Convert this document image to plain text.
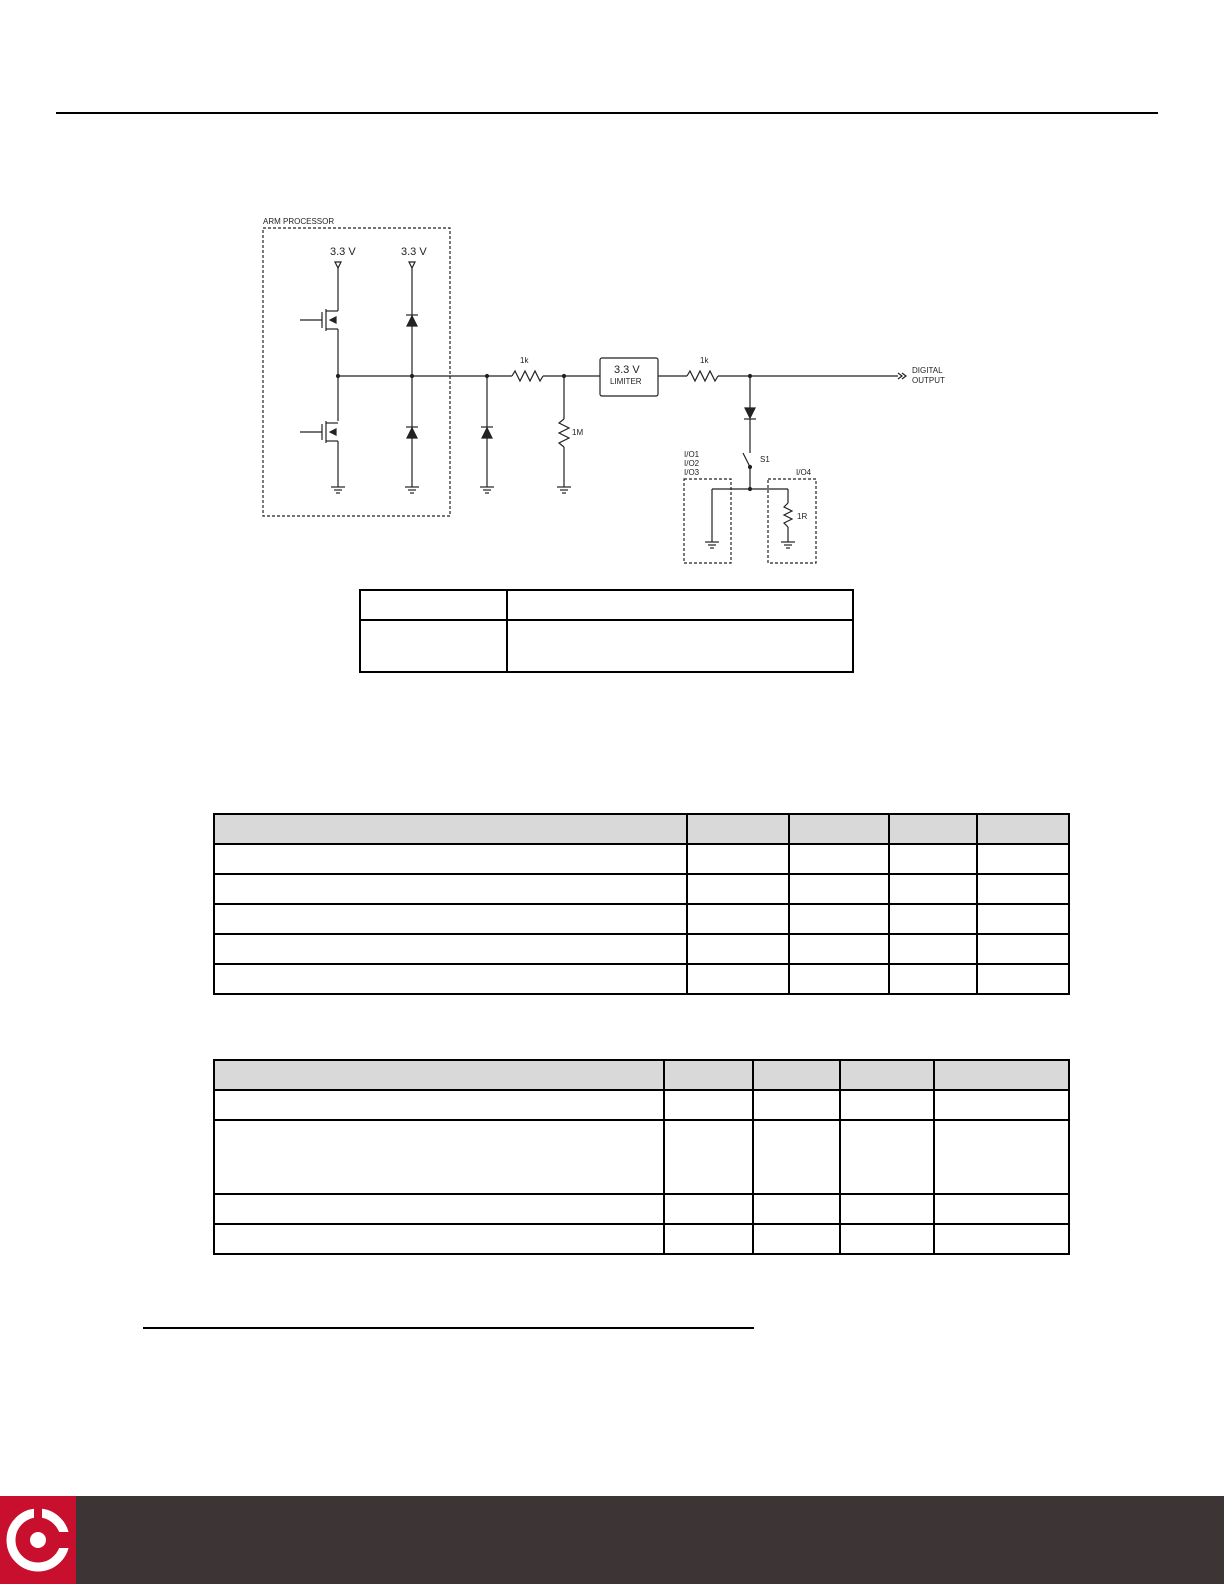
ARM PROCESSOR
3.3 V	3.3 V
1k
1M
3.3 V
LIMITER
1k
DIGITAL
OUTPUT
S1
I/O1
I/O2
I/O3	I/O4
1R
